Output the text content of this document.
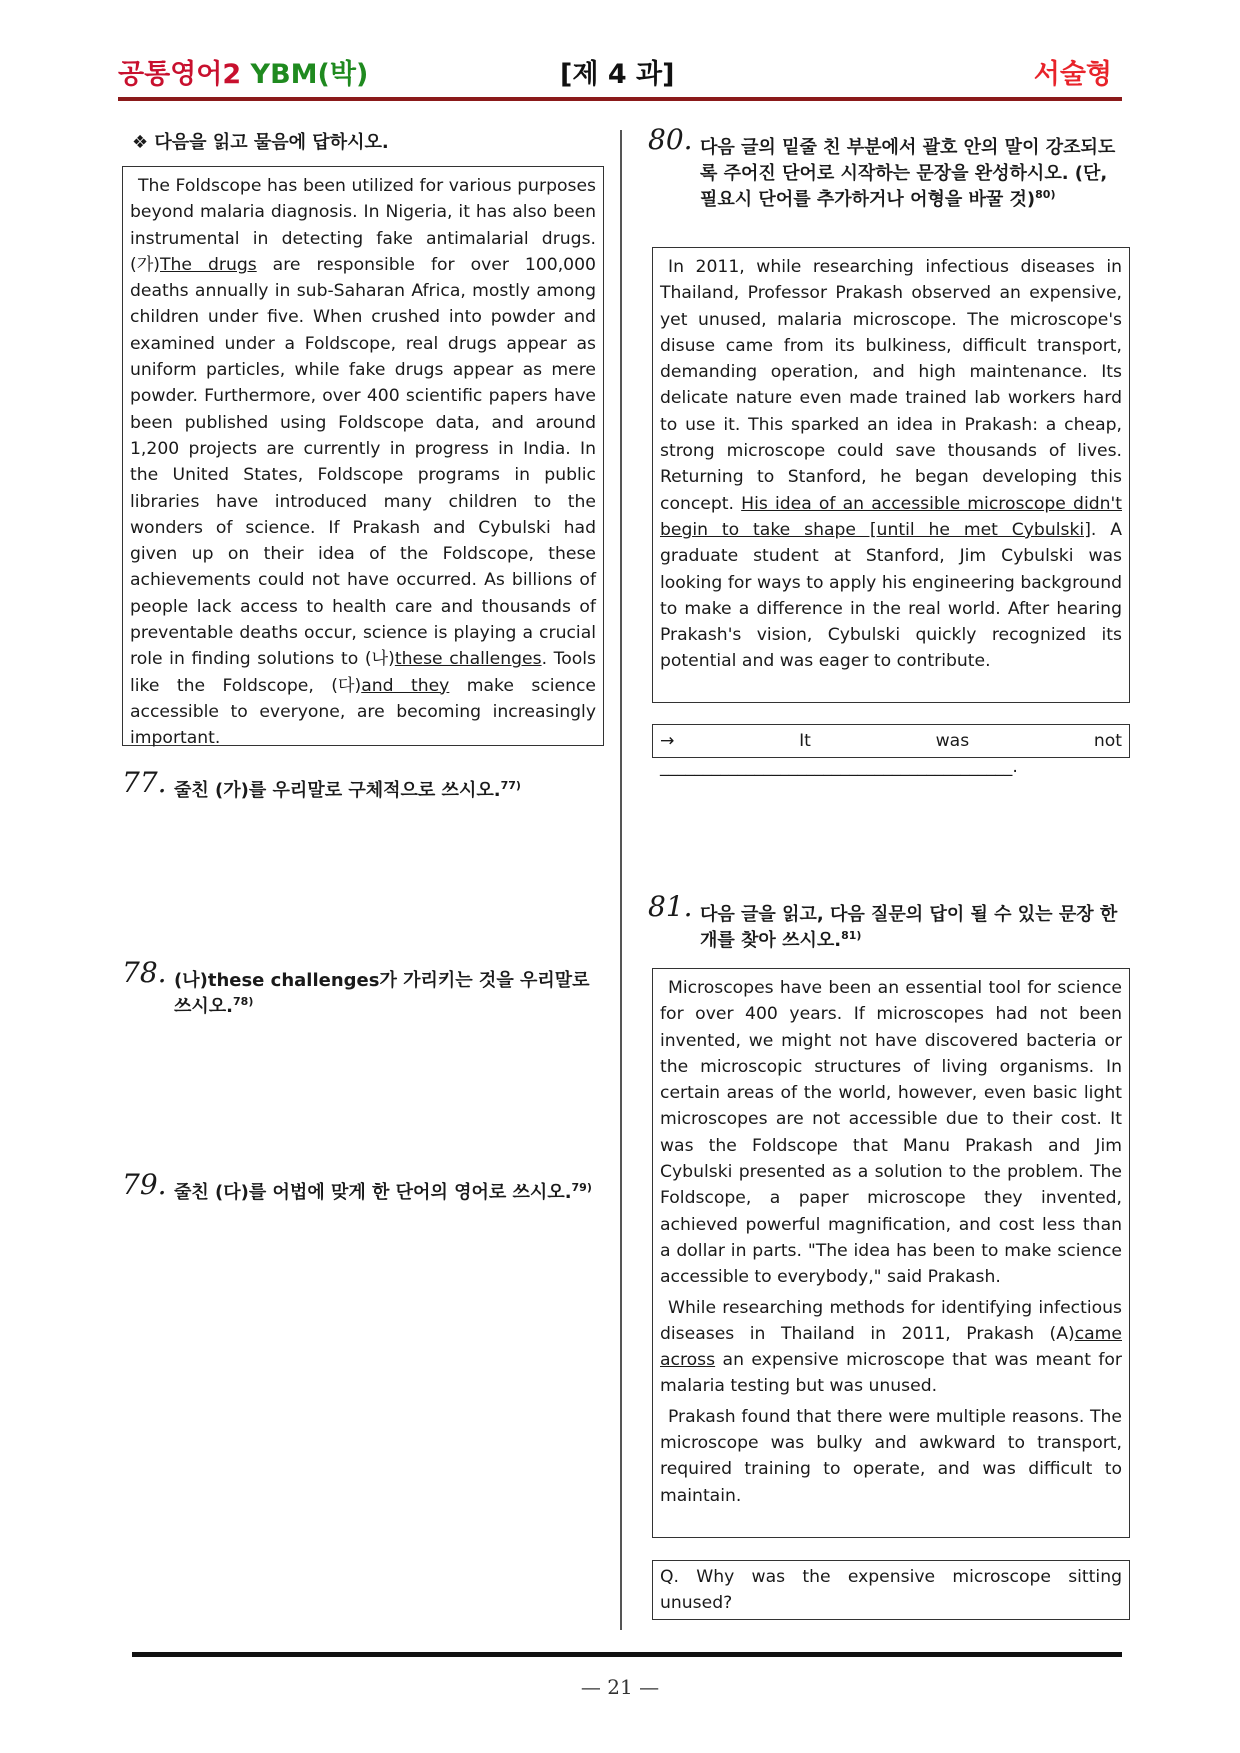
공통영어2 YBM(박)	[제 4 과]	서술형
❖ 다음을 읽고 물음에 답하시오.

The Foldscope has been utilized for various purposes beyond malaria diagnosis. In Nigeria, it has also been instrumental in detecting fake antimalarial drugs. (가)The drugs are responsible for over 100,000 deaths annually in sub-Saharan Africa, mostly among children under five. When crushed into powder and examined under a Foldscope, real drugs appear as uniform particles, while fake drugs appear as mere powder. Furthermore, over 400 scientific papers have been published using Foldscope data, and around 1,200 projects are currently in progress in India. In the United States, Foldscope programs in public libraries have introduced many children to the wonders of science. If Prakash and Cybulski had given up on their idea of the Foldscope, these achievements could not have occurred. As billions of people lack access to health care and thousands of preventable deaths occur, science is playing a crucial role in finding solutions to (나)these challenges. Tools like the Foldscope, (다)and they make science accessible to everyone, are becoming increasingly important.

77. 줄친 (가)를 우리말로 구체적으로 쓰시오.$^{77)}$
78. (나)these challenges가 가리키는 것을 우리말로 쓰시오.$^{78)}$
79. 줄친 (다)를 어법에 맞게 한 단어의 영어로 쓰시오.$^{79)}$
80. 다음 글의 밑줄 친 부분에서 괄호 안의 말이 강조되도록 주어진 단어로 시작하는 문장을 완성하시오. (단, 필요시 단어를 추가하거나 어형을 바꿀 것)$^{80)}$

In 2011, while researching infectious diseases in Thailand, Professor Prakash observed an expensive, yet unused, malaria microscope. The microscope's disuse came from its bulkiness, difficult transport, demanding operation, and high maintenance. Its delicate nature even made trained lab workers hard to use it. This sparked an idea in Prakash: a cheap, strong microscope could save thousands of lives. Returning to Stanford, he began developing this concept. His idea of an accessible microscope didn't begin to take shape [until he met Cybulski]. A graduate student at Stanford, Jim Cybulski was looking for ways to apply his engineering background to make a difference in the real world. After hearing Prakash's vision, Cybulski quickly recognized its potential and was eager to contribute.

→ It was not _________________________________________.
81. 다음 글을 읽고, 다음 질문의 답이 될 수 있는 문장 한 개를 찾아 쓰시오.$^{81)}$

Microscopes have been an essential tool for science for over 400 years. If microscopes had not been invented, we might not have discovered bacteria or the microscopic structures of living organisms. In certain areas of the world, however, even basic light microscopes are not accessible due to their cost. It was the Foldscope that Manu Prakash and Jim Cybulski presented as a solution to the problem. The Foldscope, a paper microscope they invented, achieved powerful magnification, and cost less than a dollar in parts. "The idea has been to make science accessible to everybody," said Prakash.

While researching methods for identifying infectious diseases in Thailand in 2011, Prakash (A)came across an expensive microscope that was meant for malaria testing but was unused.

Prakash found that there were multiple reasons. The microscope was bulky and awkward to transport, required training to operate, and was difficult to maintain.

Q. Why was the expensive microscope sitting unused?
— 21 —
